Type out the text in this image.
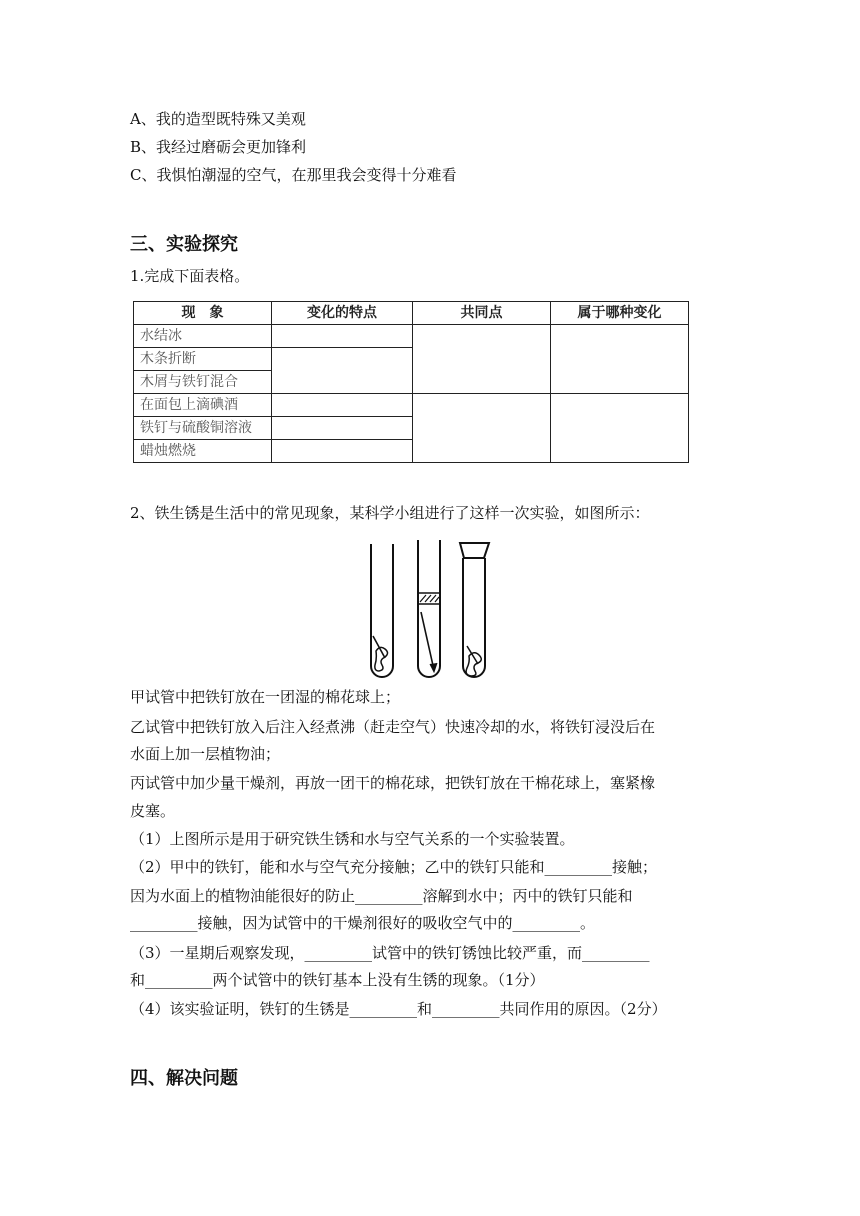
A、我的造型既特殊又美观
B、我经过磨砺会更加锋利
C、我惧怕潮湿的空气，在那里我会变得十分难看
三、实验探究
1.完成下面表格。
现　象	变化的特点	共同点	属于哪种变化
水结冰			
木条折断			
木屑与铁钉混合			
在面包上滴碘酒			
铁钉与硫酸铜溶液			
蜡烛燃烧			
2、铁生锈是生活中的常见现象，某科学小组进行了这样一次实验，如图所示：
甲试管中把铁钉放在一团湿的棉花球上；
乙试管中把铁钉放入后注入经煮沸（赶走空气）快速冷却的水，将铁钉浸没后在
水面上加一层植物油；
丙试管中加少量干燥剂，再放一团干的棉花球，把铁钉放在干棉花球上，塞紧橡
皮塞。
（1）上图所示是用于研究铁生锈和水与空气关系的一个实验装置。
（2）甲中的铁钉，能和水与空气充分接触；乙中的铁钉只能和_________接触；
因为水面上的植物油能很好的防止_________溶解到水中；丙中的铁钉只能和
_________接触，因为试管中的干燥剂很好的吸收空气中的_________。
（3）一星期后观察发现，_________试管中的铁钉锈蚀比较严重，而_________
和_________两个试管中的铁钉基本上没有生锈的现象。（1分）
（4）该实验证明，铁钉的生锈是_________和_________共同作用的原因。（2分）
四、解决问题
